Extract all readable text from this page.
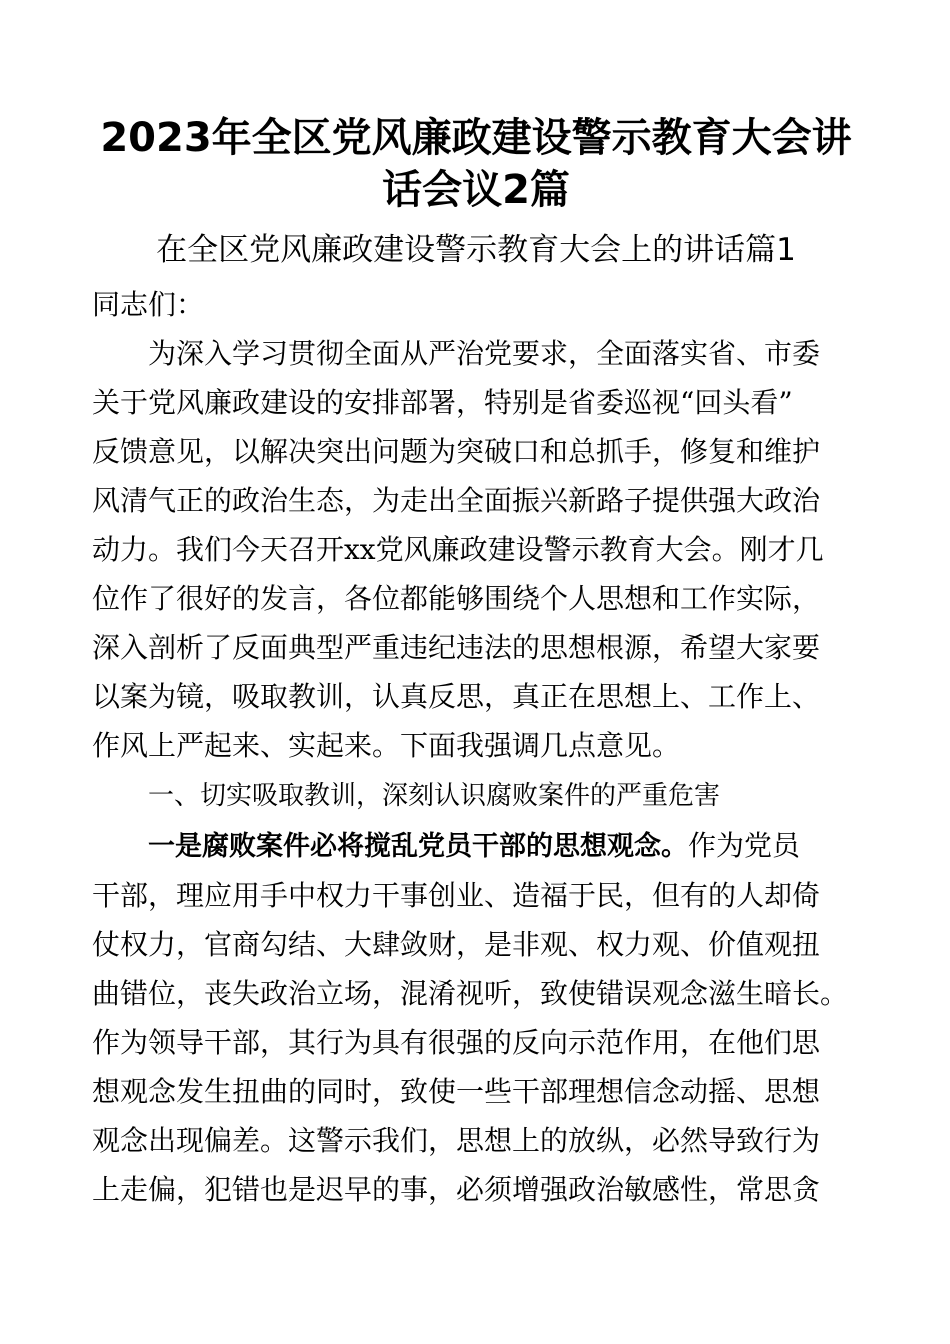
2023年全区党风廉政建设警示教育大会讲
话会议2篇
在全区党风廉政建设警示教育大会上的讲话篇1

同志们：

为深入学习贯彻全面从严治党要求，全面落实省、市委
关于党风廉政建设的安排部署，特别是省委巡视“回头看”
反馈意见，以解决突出问题为突破口和总抓手，修复和维护
风清气正的政治生态，为走出全面振兴新路子提供强大政治
动力。我们今天召开xx党风廉政建设警示教育大会。刚才几
位作了很好的发言，各位都能够围绕个人思想和工作实际，
深入剖析了反面典型严重违纪违法的思想根源，希望大家要
以案为镜，吸取教训，认真反思，真正在思想上、工作上、
作风上严起来、实起来。下面我强调几点意见。
一、切实吸取教训，深刻认识腐败案件的严重危害
一是腐败案件必将搅乱党员干部的思想观念。作为党员
干部，理应用手中权力干事创业、造福于民，但有的人却倚
仗权力，官商勾结、大肆敛财，是非观、权力观、价值观扭
曲错位，丧失政治立场，混淆视听，致使错误观念滋生暗长。
作为领导干部，其行为具有很强的反向示范作用，在他们思
想观念发生扭曲的同时，致使一些干部理想信念动摇、思想
观念出现偏差。这警示我们，思想上的放纵，必然导致行为
上走偏，犯错也是迟早的事，必须增强政治敏感性，常思贪
